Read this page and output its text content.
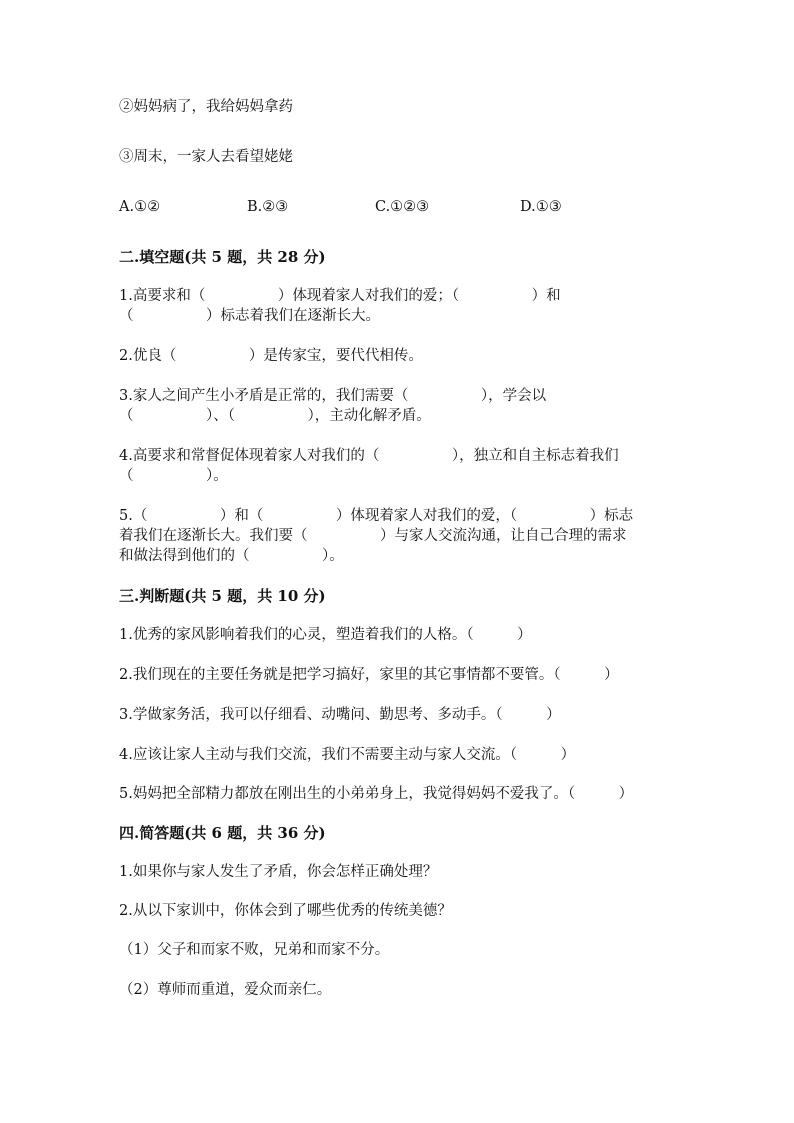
②妈妈病了，我给妈妈拿药
③周末，一家人去看望姥姥
A.①②	B.②③	C.①②③	D.①③
二.填空题(共 5 题，共 28 分)
1.高要求和（　　　　　）体现着家人对我们的爱；（　　　　　）和
（　　　　　）标志着我们在逐渐长大。
2.优良（　　　　　）是传家宝，要代代相传。
3.家人之间产生小矛盾是正常的，我们需要（　　　　　），学会以
（　　　　　）、（　　　　　），主动化解矛盾。
4.高要求和常督促体现着家人对我们的（　　　　　），独立和自主标志着我们
（　　　　　）。
5.（　　　　　）和（　　　　　）体现着家人对我们的爱，（　　　　　）标志
着我们在逐渐长大。我们要（　　　　　）与家人交流沟通，让自己合理的需求
和做法得到他们的（　　　　　）。
三.判断题(共 5 题，共 10 分)
1.优秀的家风影响着我们的心灵，塑造着我们的人格。（　　　）
2.我们现在的主要任务就是把学习搞好，家里的其它事情都不要管。（　　　）
3.学做家务活，我可以仔细看、动嘴问、勤思考、多动手。（　　　）
4.应该让家人主动与我们交流，我们不需要主动与家人交流。（　　　）
5.妈妈把全部精力都放在刚出生的小弟弟身上，我觉得妈妈不爱我了。（　　　）
四.简答题(共 6 题，共 36 分)
1.如果你与家人发生了矛盾，你会怎样正确处理？
2.从以下家训中，你体会到了哪些优秀的传统美德？
（1）父子和而家不败，兄弟和而家不分。
（2）尊师而重道，爱众而亲仁。
